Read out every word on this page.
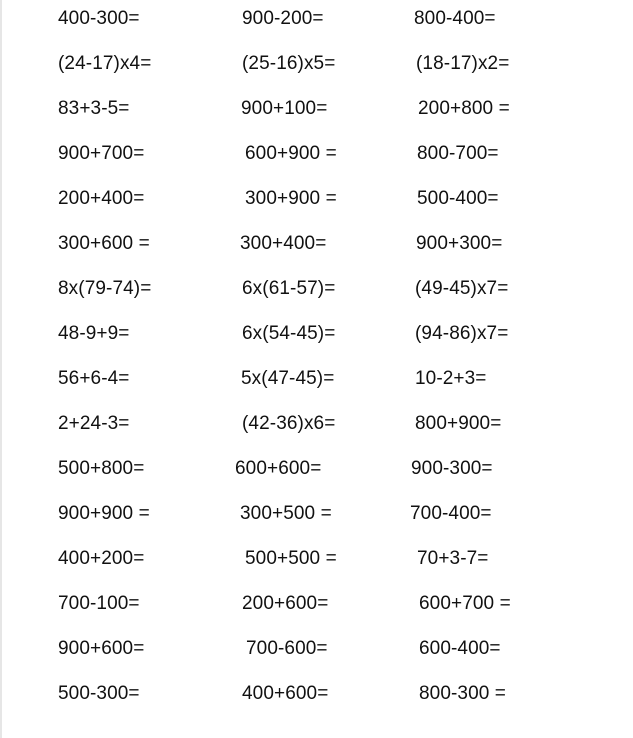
400-300=	900-200=	800-400=
(24-17)x4=	(25-16)x5=	(18-17)x2=
83+3-5=	900+100=	200+800 =
900+700=	600+900 =	800-700=
200+400=	300+900 =	500-400=
300+600 =	300+400=	900+300=
8x(79-74)=	6x(61-57)=	(49-45)x7=
48-9+9=	6x(54-45)=	(94-86)x7=
56+6-4=	5x(47-45)=	10-2+3=
2+24-3=	(42-36)x6=	800+900=
500+800=	600+600=	900-300=
900+900 =	300+500 =	700-400=
400+200=	500+500 =	70+3-7=
700-100=	200+600=	600+700 =
900+600=	700-600=	600-400=
500-300=	400+600=	800-300 =
